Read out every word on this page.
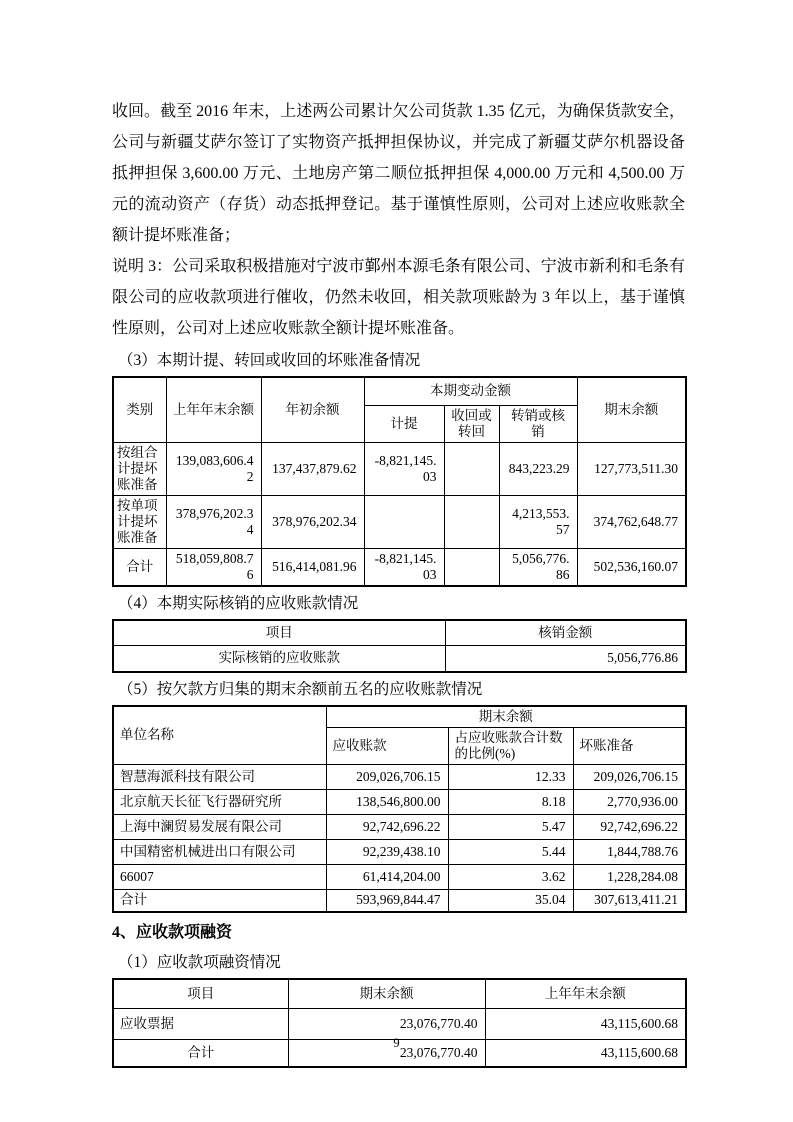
收回。截至 2016 年末，上述两公司累计欠公司货款 1.35 亿元，为确保货款安全，公司与新疆艾萨尔签订了实物资产抵押担保协议，并完成了新疆艾萨尔机器设备抵押担保 3,600.00 万元、土地房产第二顺位抵押担保 4,000.00 万元和 4,500.00 万元的流动资产（存货）动态抵押登记。基于谨慎性原则，公司对上述应收账款全额计提坏账准备；

说明 3：公司采取积极措施对宁波市鄞州本源毛条有限公司、宁波市新利和毛条有限公司的应收款项进行催收，仍然未收回，相关款项账龄为 3 年以上，基于谨慎性原则，公司对上述应收账款全额计提坏账准备。

（3）本期计提、转回或收回的坏账准备情况

类别	上年年末余额	年初余额	本期变动金额			期末余额
			计提	收回或转回	转销或核销	
按组合计提坏账准备	139,083,606.42	137,437,879.62	-8,821,145.03		843,223.29	127,773,511.30
按单项计提坏账准备	378,976,202.34	378,976,202.34			4,213,553.57	374,762,648.77
合计	518,059,808.76	516,414,081.96	-8,821,145.03		5,056,776.86	502,536,160.07

（4）本期实际核销的应收账款情况

项目	核销金额
实际核销的应收账款	5,056,776.86

（5）按欠款方归集的期末余额前五名的应收账款情况

单位名称	期末余额		
	应收账款	占应收账款合计数的比例(%)	坏账准备
智慧海派科技有限公司	209,026,706.15	12.33	209,026,706.15
北京航天长征飞行器研究所	138,546,800.00	8.18	2,770,936.00
上海中澜贸易发展有限公司	92,742,696.22	5.47	92,742,696.22
中国精密机械进出口有限公司	92,239,438.10	5.44	1,844,788.76
66007	61,414,204.00	3.62	1,228,284.08
合计	593,969,844.47	35.04	307,613,411.21

4、应收款项融资

（1）应收款项融资情况

项目	期末余额	上年年末余额
应收票据	23,076,770.40	43,115,600.68
合计	23,076,770.40	43,115,600.68
9
